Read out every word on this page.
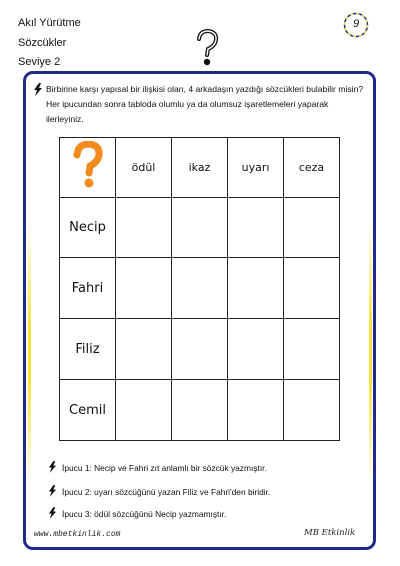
Akıl Yürütme
Sözcükler
Seviye 2
9
Birbirine karşı yapısal bir ilişkisi olan, 4 arkadaşın yazdığı sözcükleri bulabilir misin? Her ipucundan sonra tabloda olumlu ya da olumsuz işaretlemeleri yaparak ilerleyiniz.
	ödül	ikaz	uyarı	ceza
Necip				
Fahri				
Filiz				
Cemil				
İpucu 1: Necip ve Fahri zıt anlamlı bir sözcük yazmıştır.
İpucu 2: uyarı sözcüğünü yazan Filiz ve Fahri'den biridir.
İpucu 3: ödül sözcüğünü Necip yazmamıştır.
www.mbetkinlik.com	MB Etkinlik
